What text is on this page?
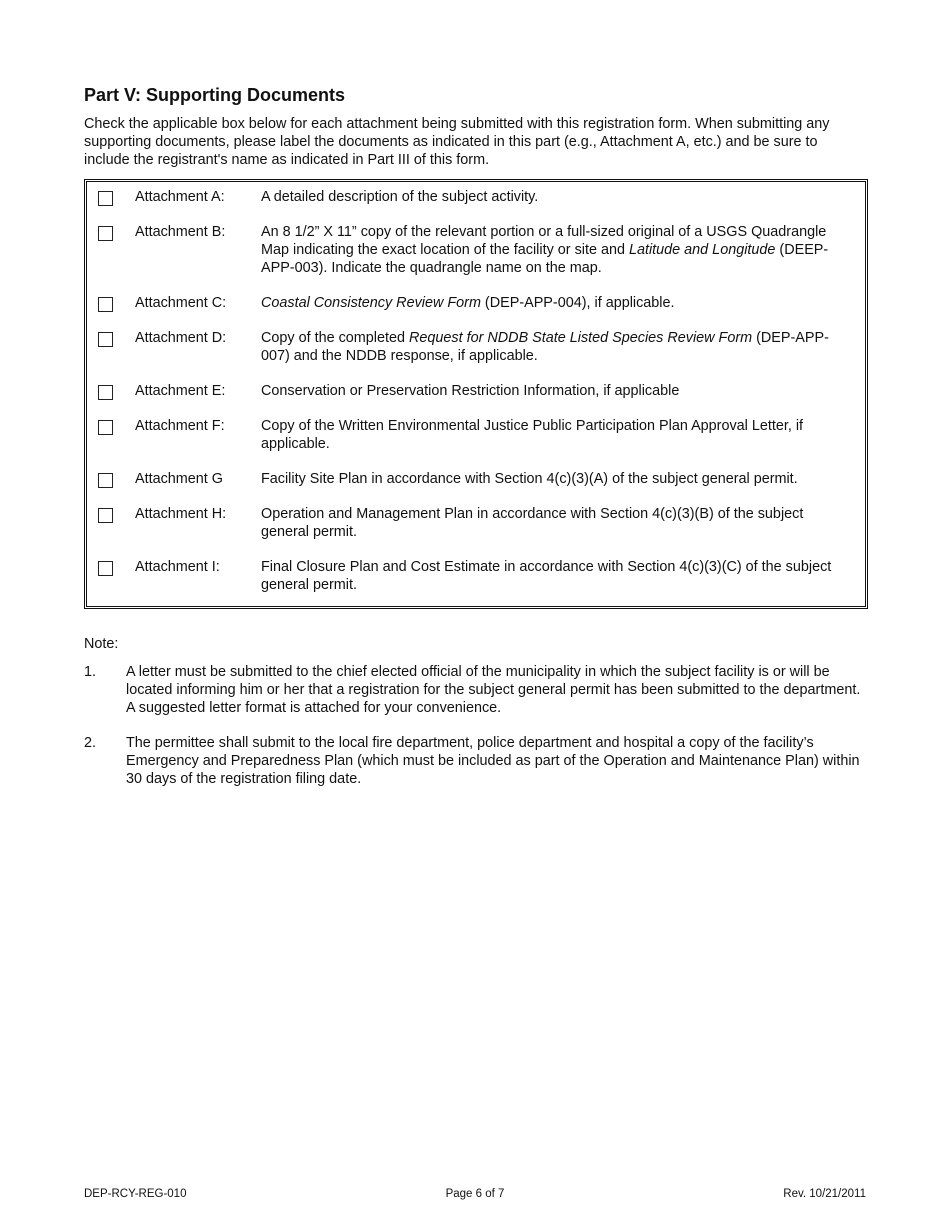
Part V: Supporting Documents

Check the applicable box below for each attachment being submitted with this registration form. When submitting any supporting documents, please label the documents as indicated in this part (e.g., Attachment A, etc.) and be sure to include the registrant's name as indicated in Part III of this form.

Attachment A:	A detailed description of the subject activity.
Attachment B:	An 8 1/2” X 11” copy of the relevant portion or a full-sized original of a USGS Quadrangle Map indicating the exact location of the facility or site and Latitude and Longitude (DEEP-APP-003). Indicate the quadrangle name on the map.
Attachment C:	Coastal Consistency Review Form (DEP-APP-004), if applicable.
Attachment D:	Copy of the completed Request for NDDB State Listed Species Review Form (DEP-APP-007) and the NDDB response, if applicable.
Attachment E:	Conservation or Preservation Restriction Information, if applicable
Attachment F:	Copy of the Written Environmental Justice Public Participation Plan Approval Letter, if applicable.
Attachment G	Facility Site Plan in accordance with Section 4(c)(3)(A) of the subject general permit.
Attachment H:	Operation and Management Plan in accordance with Section 4(c)(3)(B) of the subject general permit.
Attachment I:	Final Closure Plan and Cost Estimate in accordance with Section 4(c)(3)(C) of the subject general permit.
Note:
1.	A letter must be submitted to the chief elected official of the municipality in which the subject facility is or will be located informing him or her that a registration for the subject general permit has been submitted to the department. A suggested letter format is attached for your convenience.
2.	The permittee shall submit to the local fire department, police department and hospital a copy of the facility’s Emergency and Preparedness Plan (which must be included as part of the Operation and Maintenance Plan) within 30 days of the registration filing date.
DEP-RCY-REG-010	Page 6 of 7	Rev. 10/21/2011
